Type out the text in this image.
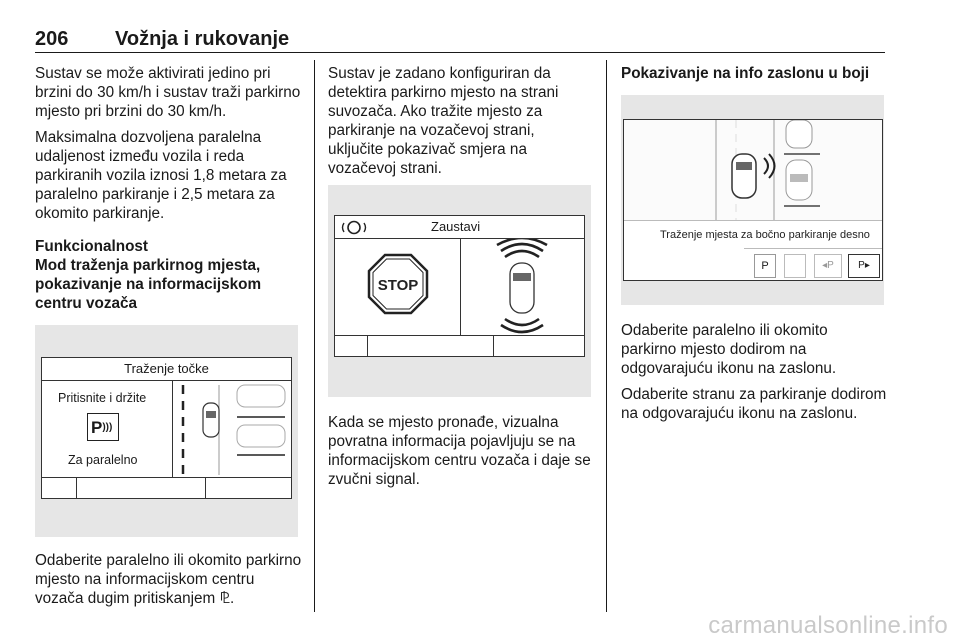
206 Vožnja i rukovanje

Sustav se može aktivirati jedino pri brzini do 30 km/h i sustav traži parkirno mjesto pri brzini do 30 km/h.

Maksimalna dozvoljena paralelna udaljenost između vozila i reda parkiranih vozila iznosi 1,8 metara za paralelno parkiranje i 2,5 metara za okomito parkiranje.

Funkcionalnost
Mod traženja parkirnog mjesta, pokazivanje na informacijskom centru vozača
Traženje točke
Pritisnite i držite
P)))
Za paralelno

Odaberite paralelno ili okomito parkirno mjesto na informacijskom centru vozača dugim pritiskanjem ⅊.

Sustav je zadano konfiguriran da detektira parkirno mjesto na strani suvozača. Ako tražite mjesto za parkiranje na vozačevoj strani, uključite pokazivač smjera na vozačevoj strani.

Zaustavi
STOP

Kada se mjesto pronađe, vizualna povratna informacija pojavljuju se na informacijskom centru vozača i daje se zvučni signal.

Pokazivanje na info zaslonu u boji
Traženje mjesta za bočno parkiranje desno
P	◂P	P▸

Odaberite paralelno ili okomito parkirno mjesto dodirom na odgovarajuću ikonu na zaslonu.

Odaberite stranu za parkiranje dodirom na odgovarajuću ikonu na zaslonu.

carmanualsonline.info
